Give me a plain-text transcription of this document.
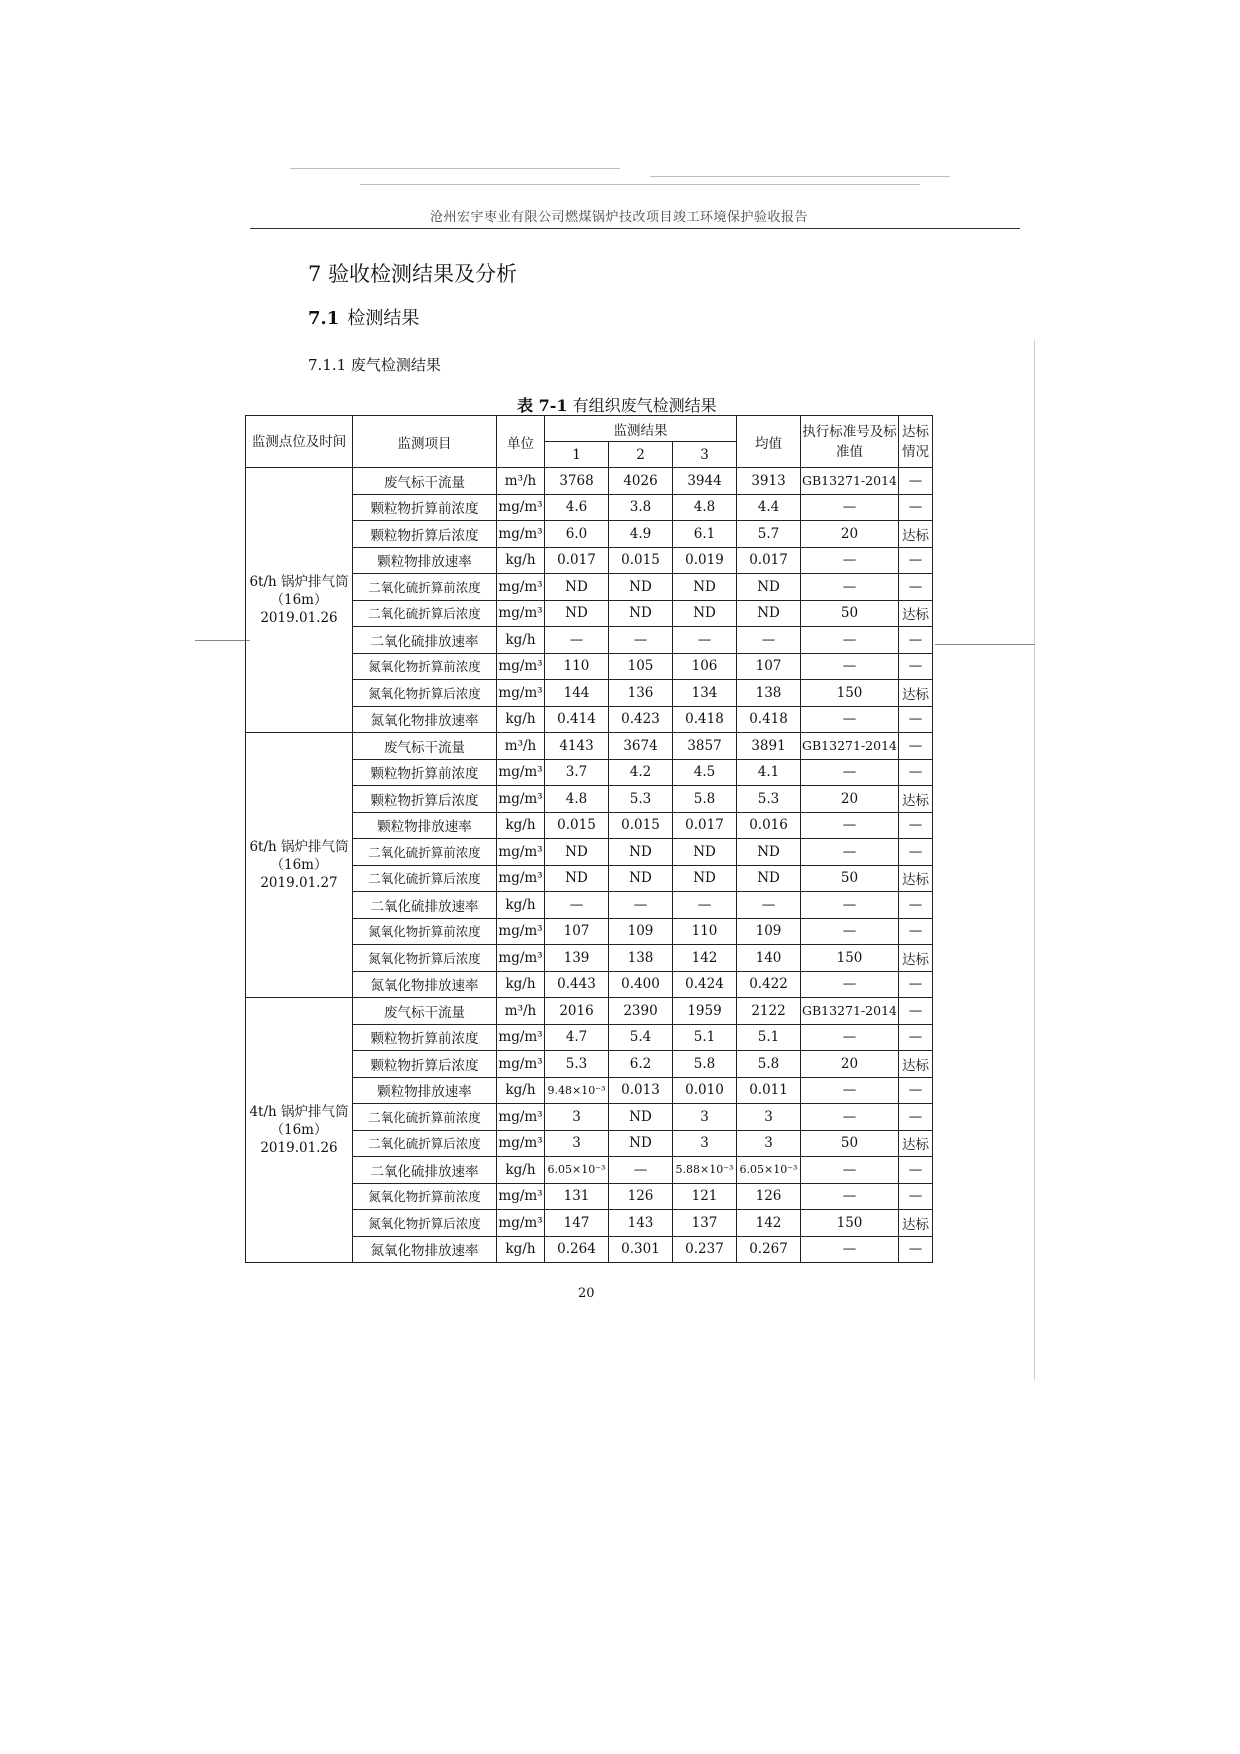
沧州宏宇枣业有限公司燃煤锅炉技改项目竣工环境保护验收报告
7 验收检测结果及分析
7.1 检测结果
7.1.1 废气检测结果
表 7-1 有组织废气检测结果
监测点位及时间	监测项目	单位	监测结果			均值	执行标准号及标准值	达标情况
			1	2	3			
6t/h 锅炉排气筒（16m）2019.01.26	废气标干流量	m³/h	3768	4026	3944	3913	GB13271-2014	—
	颗粒物折算前浓度	mg/m³	4.6	3.8	4.8	4.4	—	—
	颗粒物折算后浓度	mg/m³	6.0	4.9	6.1	5.7	20	达标
	颗粒物排放速率	kg/h	0.017	0.015	0.019	0.017	—	—
	二氧化硫折算前浓度	mg/m³	ND	ND	ND	ND	—	—
	二氧化硫折算后浓度	mg/m³	ND	ND	ND	ND	50	达标
	二氧化硫排放速率	kg/h	—	—	—	—	—	—
	氮氧化物折算前浓度	mg/m³	110	105	106	107	—	—
	氮氧化物折算后浓度	mg/m³	144	136	134	138	150	达标
	氮氧化物排放速率	kg/h	0.414	0.423	0.418	0.418	—	—
6t/h 锅炉排气筒（16m）2019.01.27	废气标干流量	m³/h	4143	3674	3857	3891	GB13271-2014	—
	颗粒物折算前浓度	mg/m³	3.7	4.2	4.5	4.1	—	—
	颗粒物折算后浓度	mg/m³	4.8	5.3	5.8	5.3	20	达标
	颗粒物排放速率	kg/h	0.015	0.015	0.017	0.016	—	—
	二氧化硫折算前浓度	mg/m³	ND	ND	ND	ND	—	—
	二氧化硫折算后浓度	mg/m³	ND	ND	ND	ND	50	达标
	二氧化硫排放速率	kg/h	—	—	—	—	—	—
	氮氧化物折算前浓度	mg/m³	107	109	110	109	—	—
	氮氧化物折算后浓度	mg/m³	139	138	142	140	150	达标
	氮氧化物排放速率	kg/h	0.443	0.400	0.424	0.422	—	—
4t/h 锅炉排气筒（16m）2019.01.26	废气标干流量	m³/h	2016	2390	1959	2122	GB13271-2014	—
	颗粒物折算前浓度	mg/m³	4.7	5.4	5.1	5.1	—	—
	颗粒物折算后浓度	mg/m³	5.3	6.2	5.8	5.8	20	达标
	颗粒物排放速率	kg/h	9.48×10⁻³	0.013	0.010	0.011	—	—
	二氧化硫折算前浓度	mg/m³	3	ND	3	3	—	—
	二氧化硫折算后浓度	mg/m³	3	ND	3	3	50	达标
	二氧化硫排放速率	kg/h	6.05×10⁻³	—	5.88×10⁻³	6.05×10⁻³	—	—
	氮氧化物折算前浓度	mg/m³	131	126	121	126	—	—
	氮氧化物折算后浓度	mg/m³	147	143	137	142	150	达标
	氮氧化物排放速率	kg/h	0.264	0.301	0.237	0.267	—	—
20
